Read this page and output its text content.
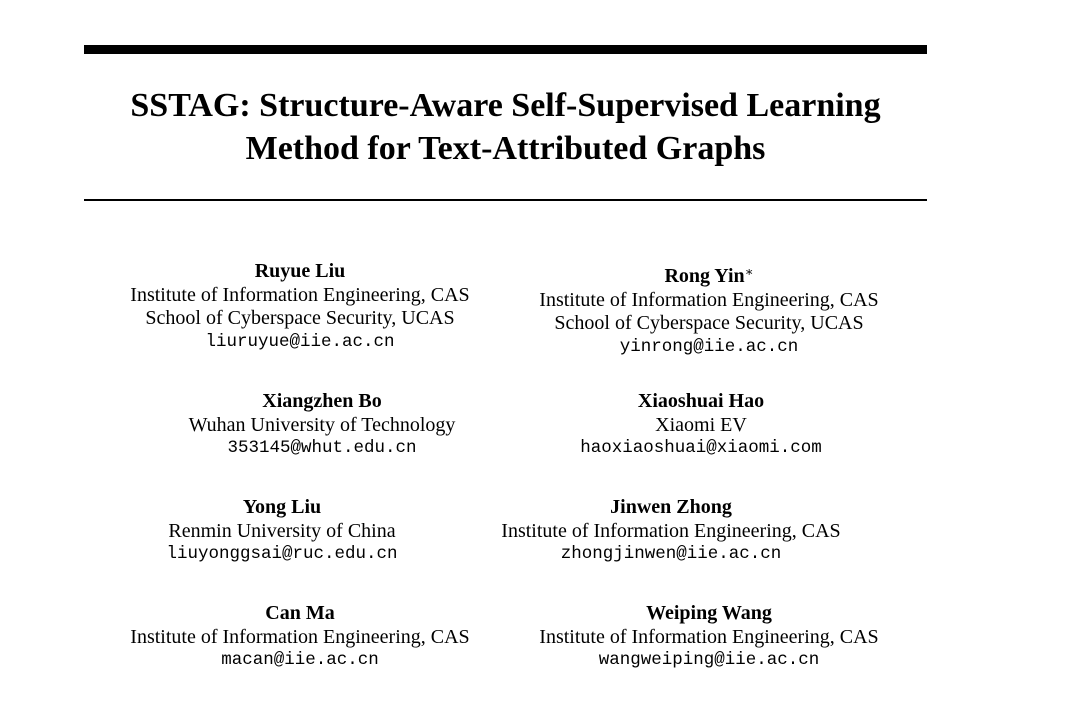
SSTAG: Structure-Aware Self-Supervised Learning
Method for Text-Attributed Graphs
Ruyue Liu
Institute of Information Engineering, CAS
School of Cyberspace Security, UCAS
liuruyue@iie.ac.cn
Rong Yin∗
Institute of Information Engineering, CAS
School of Cyberspace Security, UCAS
yinrong@iie.ac.cn
Xiangzhen Bo
Wuhan University of Technology
353145@whut.edu.cn
Xiaoshuai Hao
Xiaomi EV
haoxiaoshuai@xiaomi.com
Yong Liu
Renmin University of China
liuyonggsai@ruc.edu.cn
Jinwen Zhong
Institute of Information Engineering, CAS
zhongjinwen@iie.ac.cn
Can Ma
Institute of Information Engineering, CAS
macan@iie.ac.cn
Weiping Wang
Institute of Information Engineering, CAS
wangweiping@iie.ac.cn
